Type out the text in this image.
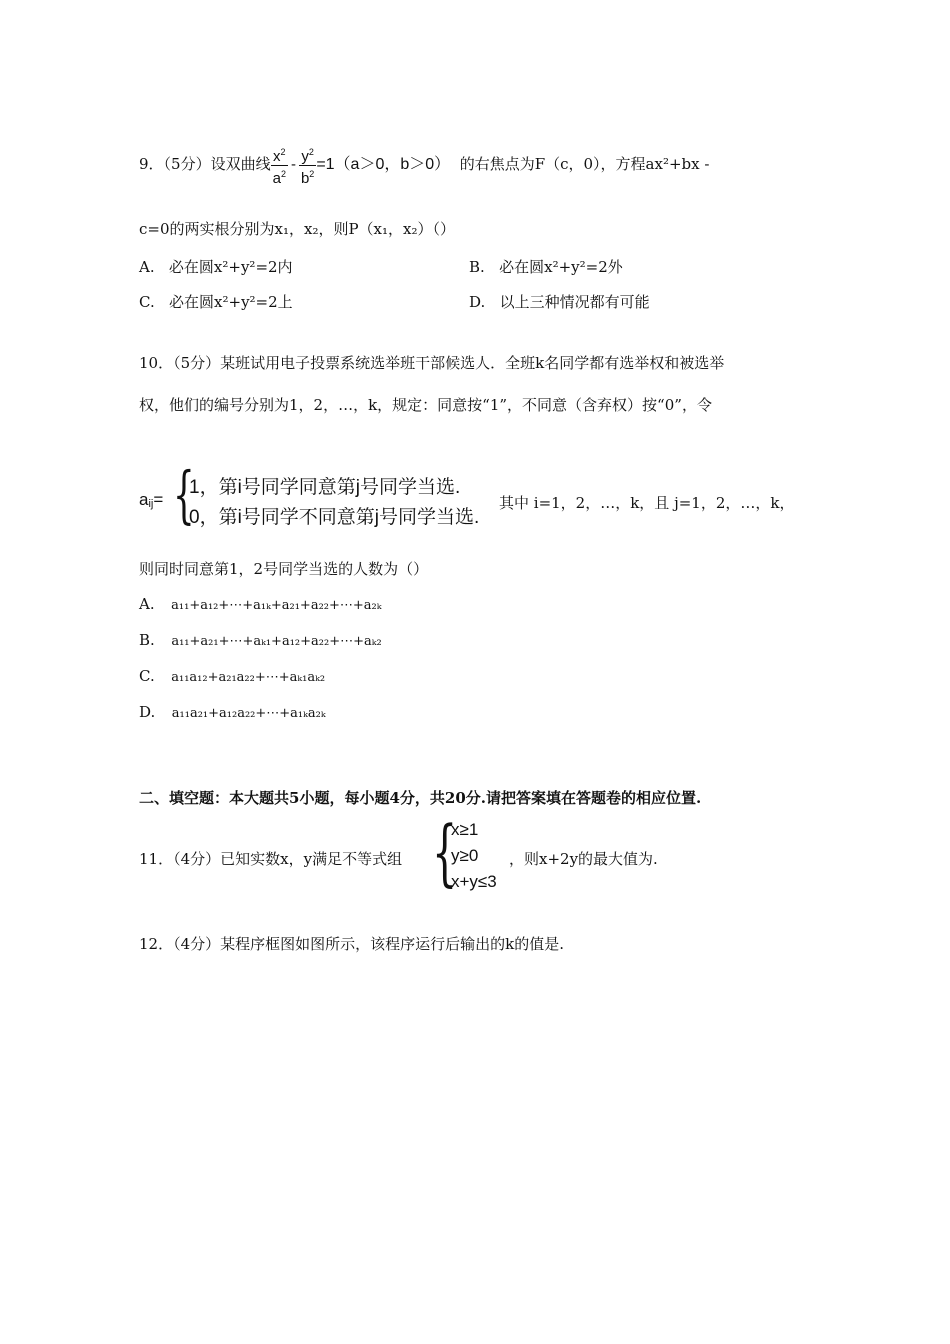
9．（5分）设双曲线 $\frac{x^2}{a^2} - \frac{y^2}{b^2} =1(a>0$，b＞0） 的右焦点为F（c，0），方程ax²+bx -
c=0的两实根分别为x₁，x₂，则P（x₁，x₂）（）
A. 必在圆x²+y²=2内	B. 必在圆x²+y²=2外
C. 必在圆x²+y²=2上	D. 以上三种情况都有可能
10．（5分）某班试用电子投票系统选举班干部候选人．全班k名同学都有选举权和被选举
权，他们的编号分别为1，2，…，k，规定：同意按“1”，不同意（含弃权）按“0”，令
$a_{ij}=$ {
1，第i号同学同意第j号同学当选.
0，第i号同学不同意第j号同学当选.
其中 i=1，2，…，k，且 j=1，2，…，k，
则同时同意第1，2号同学当选的人数为（）
A. a₁₁+a₁₂+⋯+a₁ₖ+a₂₁+a₂₂+⋯+a₂ₖ
B. a₁₁+a₂₁+⋯+aₖ₁+a₁₂+a₂₂+⋯+aₖ₂
C. a₁₁a₁₂+a₂₁a₂₂+⋯+aₖ₁aₖ₂
D. a₁₁a₂₁+a₁₂a₂₂+⋯+a₁ₖa₂ₖ
二、填空题：本大题共5小题，每小题4分，共20分.请把答案填在答题卷的相应位置.
11．（4分）已知实数x，y满足不等式组 {
x≥1
y≥0
x+y≤3
，则x+2y的最大值为.
12．（4分）某程序框图如图所示，该程序运行后输出的k的值是.
